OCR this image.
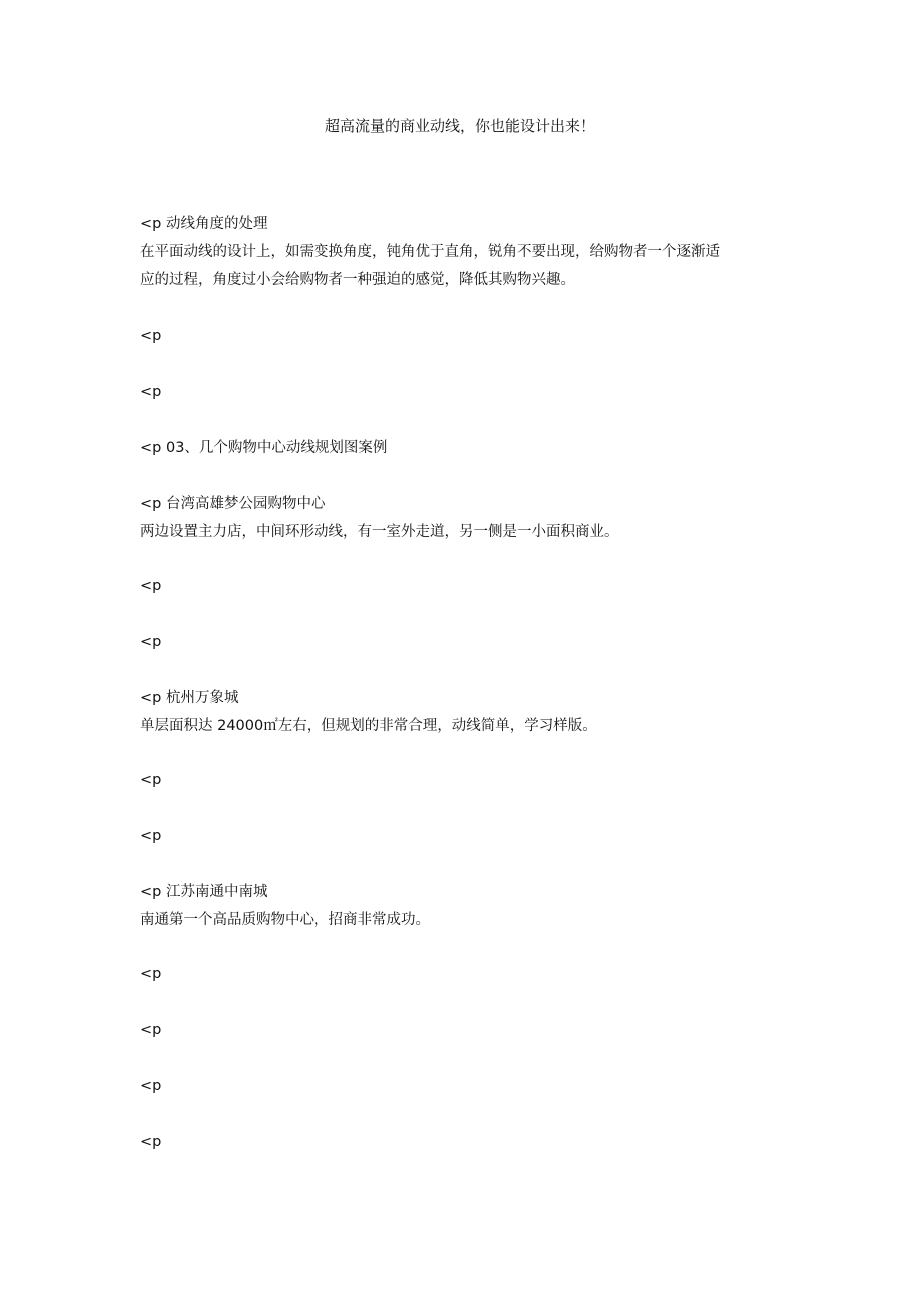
超高流量的商业动线，你也能设计出来！
<p 动线角度的处理
在平面动线的设计上，如需变换角度，钝角优于直角，锐角不要出现，给购物者一个逐渐适
应的过程，角度过小会给购物者一种强迫的感觉，降低其购物兴趣。
<p
<p
<p 03、几个购物中心动线规划图案例
<p 台湾高雄梦公园购物中心
两边设置主力店，中间环形动线，有一室外走道，另一侧是一小面积商业。
<p
<p
<p 杭州万象城
单层面积达 24000㎡左右，但规划的非常合理，动线简单，学习样版。
<p
<p
<p 江苏南通中南城
南通第一个高品质购物中心，招商非常成功。
<p
<p
<p
<p
